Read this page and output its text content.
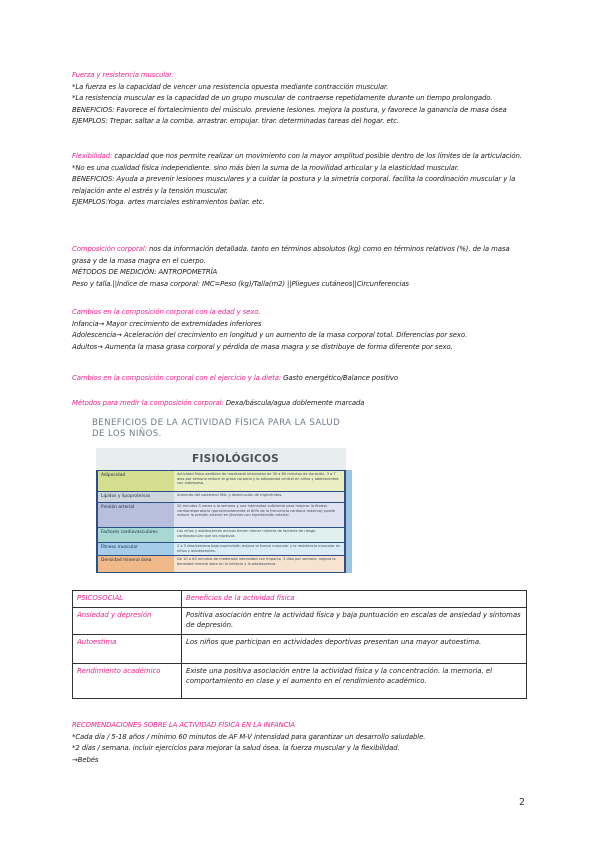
Fuerza y resistencia muscular.

*La fuerza es la capacidad de vencer una resistencia opuesta mediante contracción muscular.

*La resistencia muscular es la capacidad de un grupo muscular de contraerse repetidamente durante un tiempo prolongado.

BENEFICIOS: Favorece el fortalecimiento del músculo. previene lesiones. mejora la postura, y favorece la ganancia de masa ósea

EJEMPLOS: Trepar. saltar a la comba. arrastrar. empujar. tirar. determinadas tareas del hogar. etc.

Flexibilidad: capacidad que nos permite realizar un movimiento con la mayor amplitud posible dentro de los límites de la articulación.

*No es una cualidad física independiente. sino más bien la suma de la movilidad articular y la elasticidad muscular.

BENEFICIOS: Ayuda a prevenir lesiones musculares y a cuidar la postura y la simetría corporal. facilita la coordinación muscular y la relajación ante el estrés y la tensión muscular.

EJEMPLOS:Yoga. artes marciales estiramientos bailar. etc.

Composición corporal: nos da información detallada. tanto en términos absolutos (kg) como en términos relativos (%). de la masa grasa y de la masa magra en el cuerpo.

MÉTODOS DE MEDICIÓN: ANTROPOMETRÍA

Peso y talla.||Índice de masa corporal: IMC=Peso (kg)/Talla(m2) ||Pliegues cutáneos||Circunferencias

Cambios en la composición corporal con la edad y sexo.

Infancia→ Mayor crecimiento de extremidades inferiores

Adolescencia→ Aceleración del crecimiento en longitud y un aumento de la masa corporal total. Diferencias por sexo.

Adultos→ Aumenta la masa grasa corporal y pérdida de masa magra y se distribuye de forma diferente por sexo.

Cambios en la composición corporal con el ejercicio y la dieta: Gasto energético/Balance positivo

Métodos para medir la composición corporal: Dexa/báscula/agua doblemente marcada

BENEFICIOS DE LA ACTIVIDAD FÍSICA PARA LA SALUD DE LOS NIÑOS.
FISIOLÓGICOS
Adiposidad	Actividad física aeróbica de moderada intensidad de 30 a 60 minutos de duración, 3 a 7 días por semana reduce la grasa corporal y la adiposidad central en niños y adolescentes con sobrepeso.
Lípidos y lipoproteínas	Aumento del colesterol HDL y disminución de triglicéridos.
Presión arterial	20 minutos 3 veces a la semana y una intensidad suficiente para mejorar la fitness cardiorrespiratorio (aproximadamente el 80% de la frecuencia cardiaca máxima) puede reducir la presión arterial en jóvenes con hipertensión arterial.
Factores cardiovasculares	Los niños y adolescentes activos tienen menor número de factores de riesgo cardiovascular que los inactivos.
Fitness muscular	2 o 3 días/semana bajo supervisión mejora la fuerza muscular y la resistencia muscular en niños y adolescentes.
Densidad mineral ósea	De 10 a 60 minutos de moderada intensidad con impacto, 3 días por semana, mejora la densidad mineral ósea en la infancia y la adolescencia.
PSICOSOCIAL	Beneficios de la actividad física
Ansiedad y depresión	Positiva asociación entre la actividad física y baja puntuación en escalas de ansiedad y síntomas de depresión.
Autoestima	Los niños que participan en actividades deportivas presentan una mayor autoestima.
Rendimiento académico	Existe una positiva asociación entre la actividad física y la concentración. la memoria. el comportamiento en clase y el aumento en el rendimiento académico.

RECOMENDACIONES SOBRE LA ACTIVIDAD FÍSICA EN LA INFANCIA

*Cada día / 5-18 años / mínimo 60 minutos de AF M-V intensidad para garantizar un desarrollo saludable.

*2 días / semana. incluir ejercicios para mejorar la salud ósea. la fuerza muscular y la flexibilidad.

→Bebés

2
